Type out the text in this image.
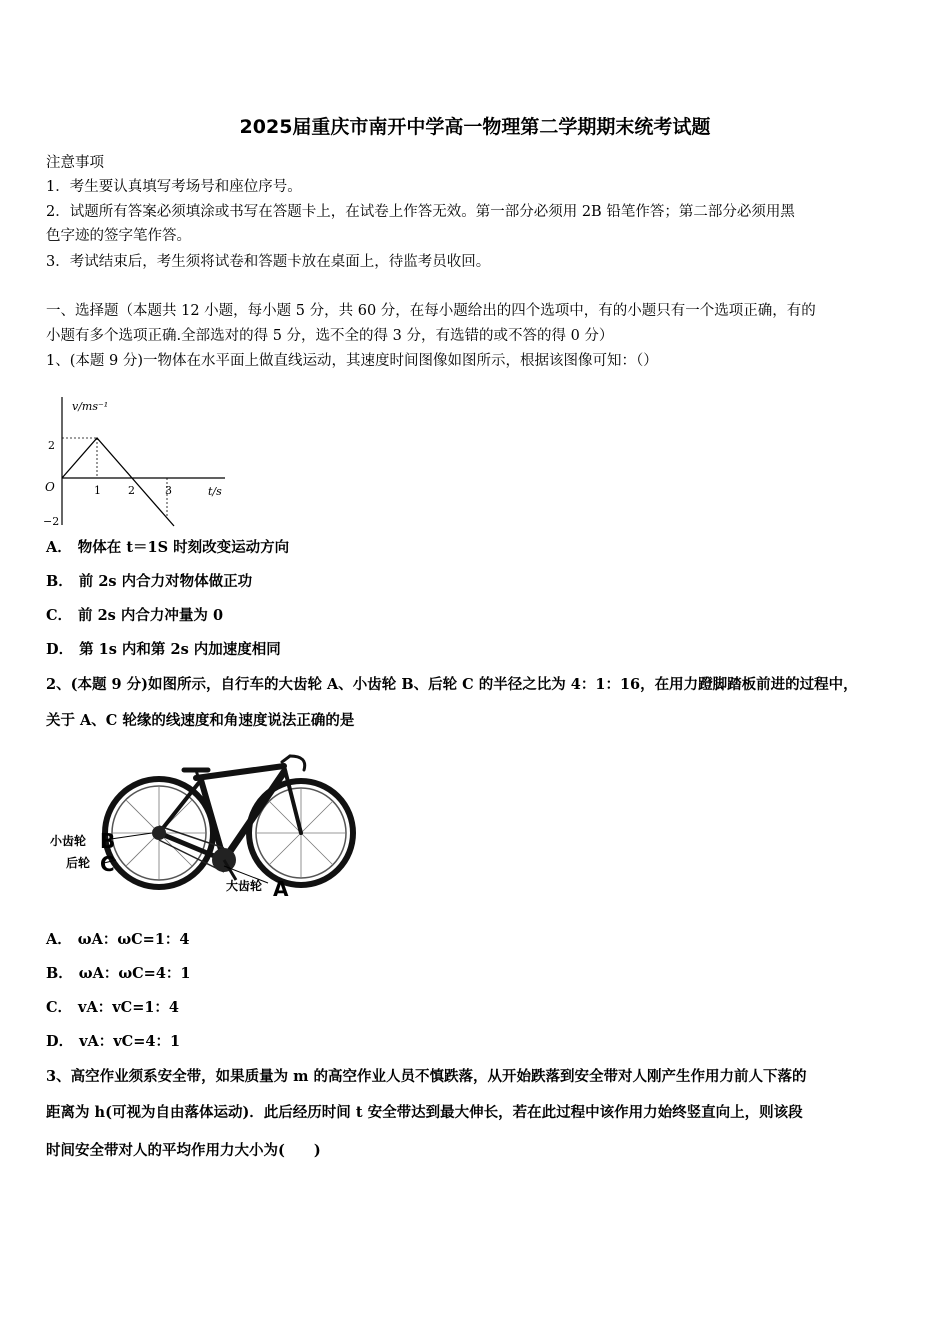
2025届重庆市南开中学高一物理第二学期期末统考试题
注意事项
1．考生要认真填写考场号和座位序号。
2．试题所有答案必须填涂或书写在答题卡上，在试卷上作答无效。第一部分必须用 2B 铅笔作答；第二部分必须用黑
色字迹的签字笔作答。
3．考试结束后，考生须将试卷和答题卡放在桌面上，待监考员收回。
一、选择题（本题共 12 小题，每小题 5 分，共 60 分，在每小题给出的四个选项中，有的小题只有一个选项正确，有的
小题有多个选项正确.全部选对的得 5 分，选不全的得 3 分，有选错的或不答的得 0 分）
1、(本题 9 分)一物体在水平面上做直线运动，其速度时间图像如图所示，根据该图像可知：（）
v/ms⁻¹
t/s
O
2
−2
1 2	3
A． 物体在 t＝1S 时刻改变运动方向
B． 前 2s 内合力对物体做正功
C． 前 2s 内合力冲量为 0
D． 第 1s 内和第 2s 内加速度相同
2、(本题 9 分)如图所示，自行车的大齿轮 A、小齿轮 B、后轮 C 的半径之比为 4：1：16，在用力蹬脚踏板前进的过程中，
关于 A、C 轮缘的线速度和角速度说法正确的是
小齿轮 B
后轮 C
大齿轮 A
A． ωA：ωC=1：4
B． ωA：ωC=4：1
C． vA：vC=1：4
D． vA：vC=4：1
3、高空作业须系安全带，如果质量为 m 的高空作业人员不慎跌落，从开始跌落到安全带对人刚产生作用力前人下落的
距离为 h(可视为自由落体运动)．此后经历时间 t 安全带达到最大伸长，若在此过程中该作用力始终竖直向上，则该段
时间安全带对人的平均作用力大小为(　　)
